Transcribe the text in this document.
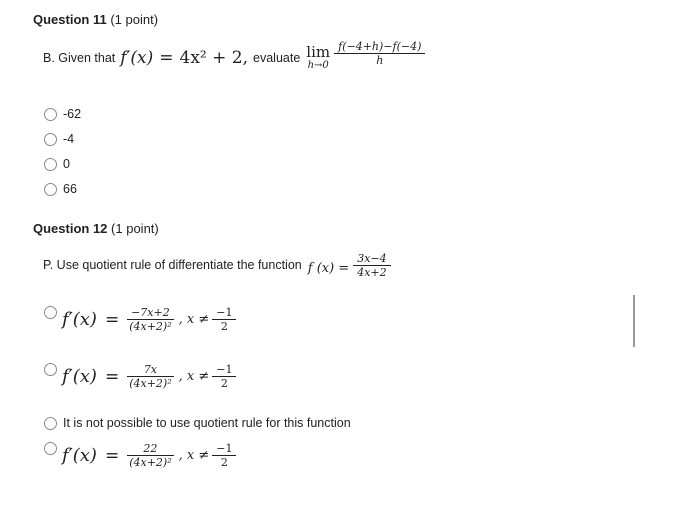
Question 11 (1 point)
B. Given that f′(x) = 4x² + 2, evaluate lim
$h\to 0 \frac{f(-4+h)-f(-4)}{h}$
-62
-4
0
66
Question 12 (1 point)
P. Use quotient rule of differentiate the function f $(x) = \frac{3x-4}{4x+2}$
$f'(x) = \frac{-7x+2}{\text{(4x+2)²}}$ , $x \ne \frac{-1}{2}$
$f'(x) = \frac{7x}{\text{(4x+2)²}}$ , $x \ne \frac{-1}{2}$
It is not possible to use quotient rule for this function
$f'(x) = \frac{22}{\text{(4x+2)²}}$ , $x \ne \frac{-1}{2}$
